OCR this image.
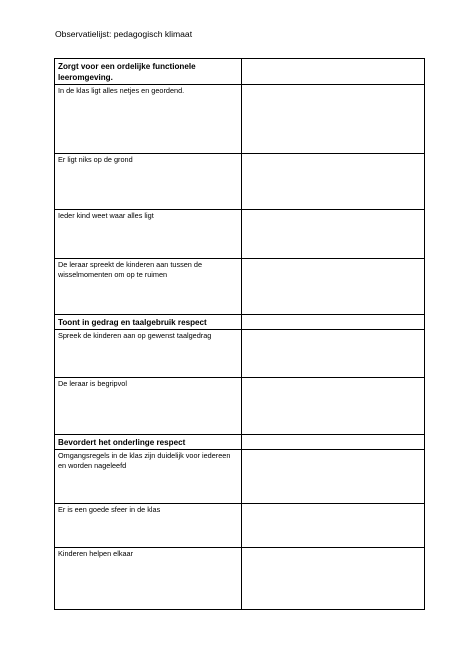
Observatielijst: pedagogisch klimaat
Zorgt voor een ordelijke functionele leeromgeving.	
In de klas ligt alles netjes en geordend.	
Er ligt niks op de grond	
Ieder kind weet waar alles ligt	
De leraar spreekt de kinderen aan tussen de wisselmomenten om op te ruimen	
Toont in gedrag en taalgebruik respect	
Spreek de kinderen aan op gewenst taalgedrag	
De leraar is begripvol	
Bevordert het onderlinge respect	
Omgangsregels in de klas zijn duidelijk voor iedereen en worden nageleefd	
Er is een goede sfeer in de klas	
Kinderen helpen elkaar	
